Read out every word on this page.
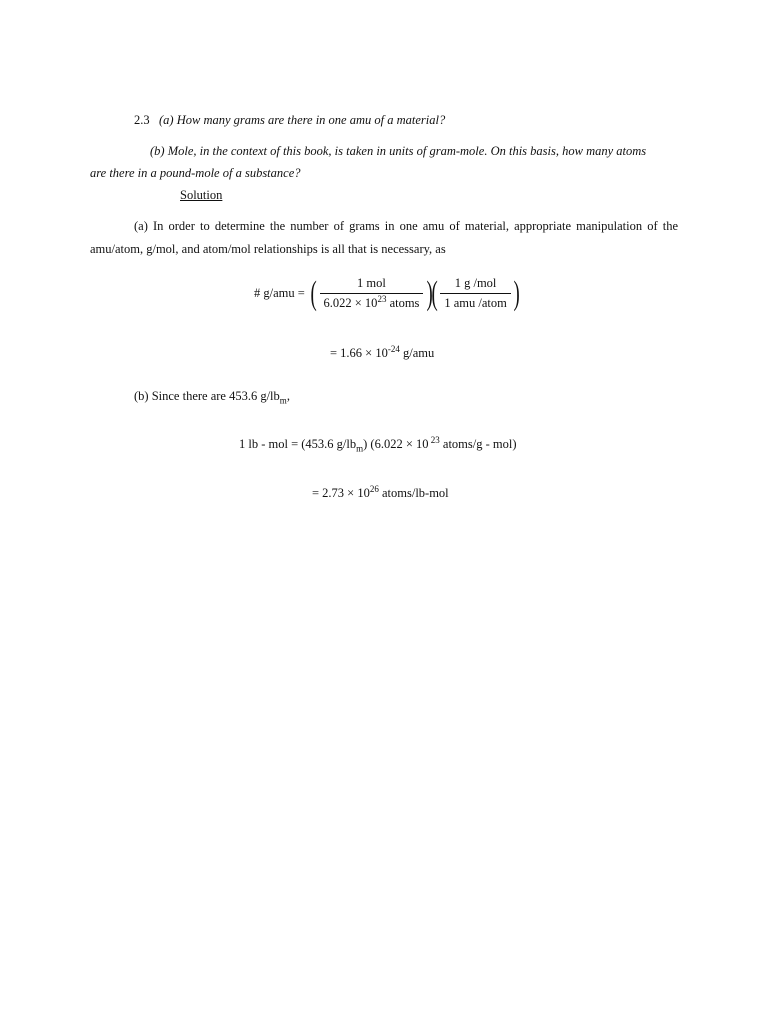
2.3 (a) How many grams are there in one amu of a material?
(b) Mole, in the context of this book, is taken in units of gram-mole. On this basis, how many atoms
are there in a pound-mole of a substance?
Solution
(a) In order to determine the number of grams in one amu of material, appropriate manipulation of the
amu/atom, g/mol, and atom/mol relationships is all that is necessary, as
# g/amu = ( $\frac{\text{1 mol}}{6.022 \times 10^{23} atoms}$ )( $\frac{\text{1 g /mol}}{\text{1 amu /atom}}$ )
= $1.66 \times 10^{-24}$ g/amu
(b) Since there are 453.6 $g/lb_m$,
1 lb - mol = (453.6 $g/lb_m$) (6.022 × 10 $^{23}$ atoms/g - mol)
= $2.73 \times 10^{26}$ atoms/lb-mol
